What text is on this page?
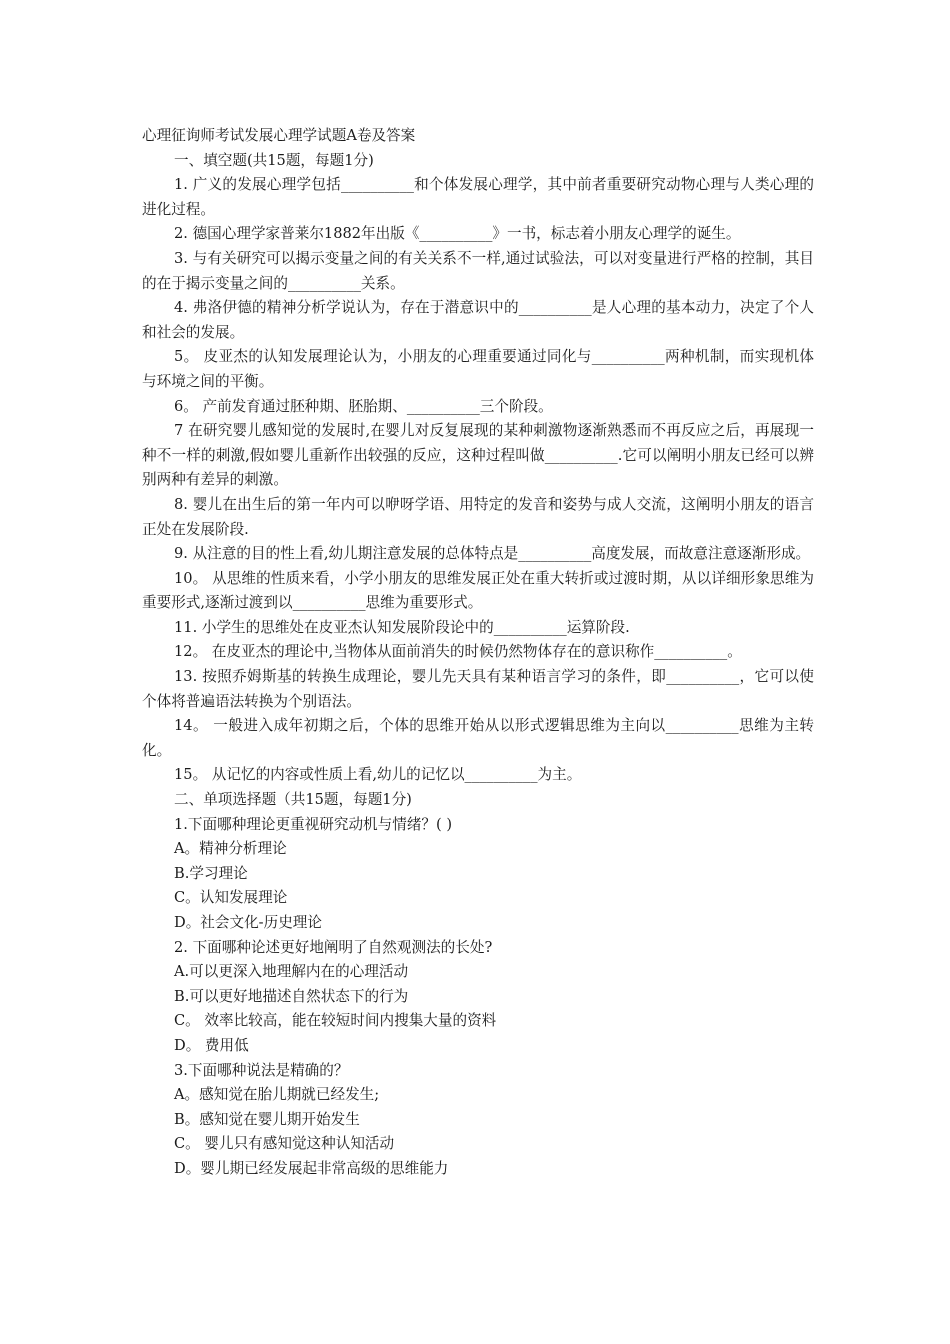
心理征询师考试发展心理学试题A卷及答案

一、填空题(共15题，每题1分)

1. 广义的发展心理学包括__________和个体发展心理学，其中前者重要研究动物心理与人类心理的进化过程。

2. 德国心理学家普莱尔1882年出版《__________》一书，标志着小朋友心理学的诞生。

3. 与有关研究可以揭示变量之间的有关关系不一样,通过试验法，可以对变量进行严格的控制，其目的在于揭示变量之间的__________关系。

4. 弗洛伊德的精神分析学说认为，存在于潜意识中的__________是人心理的基本动力，决定了个人和社会的发展。

5。 皮亚杰的认知发展理论认为，小朋友的心理重要通过同化与__________两种机制，而实现机体与环境之间的平衡。

6。 产前发育通过胚种期、胚胎期、__________三个阶段。

7 在研究婴儿感知觉的发展时,在婴儿对反复展现的某种刺激物逐渐熟悉而不再反应之后，再展现一种不一样的刺激,假如婴儿重新作出较强的反应，这种过程叫做__________.它可以阐明小朋友已经可以辨别两种有差异的刺激。

8. 婴儿在出生后的第一年内可以咿呀学语、用特定的发音和姿势与成人交流，这阐明小朋友的语言正处在发展阶段.

9. 从注意的目的性上看,幼儿期注意发展的总体特点是__________高度发展，而故意注意逐渐形成。

10。 从思维的性质来看，小学小朋友的思维发展正处在重大转折或过渡时期，从以详细形象思维为重要形式,逐渐过渡到以__________思维为重要形式。

11. 小学生的思维处在皮亚杰认知发展阶段论中的__________运算阶段.

12。 在皮亚杰的理论中,当物体从面前消失的时候仍然物体存在的意识称作__________。

13. 按照乔姆斯基的转换生成理论，婴儿先天具有某种语言学习的条件，即__________，它可以使个体将普遍语法转换为个别语法。

14。 一般进入成年初期之后，个体的思维开始从以形式逻辑思维为主向以__________思维为主转化。

15。 从记忆的内容或性质上看,幼儿的记忆以__________为主。

二、单项选择题（共15题，每题1分)

1.下面哪种理论更重视研究动机与情绪？( )

A。精神分析理论

B.学习理论

C。认知发展理论

D。社会文化-历史理论

2. 下面哪种论述更好地阐明了自然观测法的长处?

A.可以更深入地理解内在的心理活动

B.可以更好地描述自然状态下的行为

C。 效率比较高，能在较短时间内搜集大量的资料

D。 费用低

3.下面哪种说法是精确的？

A。感知觉在胎儿期就已经发生;

B。感知觉在婴儿期开始发生

C。 婴儿只有感知觉这种认知活动

D。婴儿期已经发展起非常高级的思维能力
